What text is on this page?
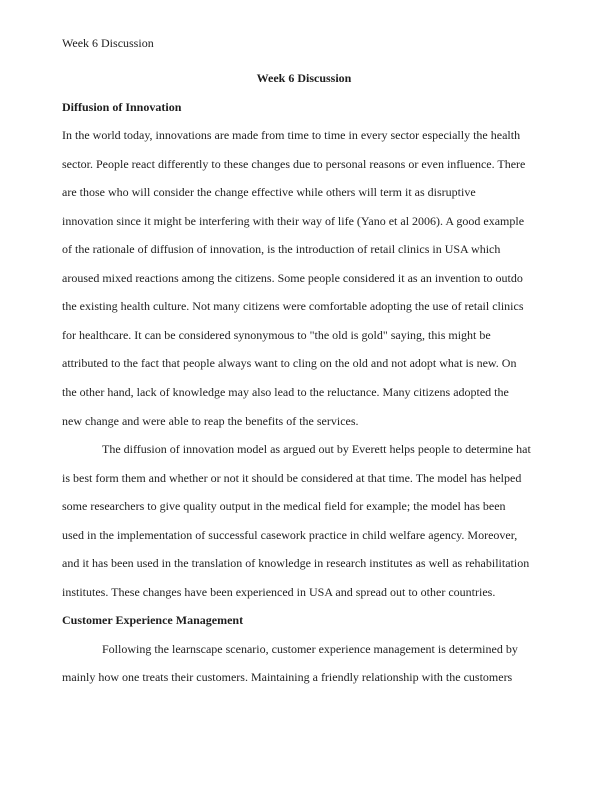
Week 6 Discussion
Week 6 Discussion
Diffusion of Innovation
In the world today, innovations are made from time to time in every sector especially the health
sector. People react differently to these changes due to personal reasons or even influence. There
are those who will consider the change effective while others will term it as disruptive
innovation since it might be interfering with their way of life (Yano et al 2006). A good example
of the rationale of diffusion of innovation, is the introduction of retail clinics in USA which
aroused mixed reactions among the citizens. Some people considered it as an invention to outdo
the existing health culture. Not many citizens were comfortable adopting the use of retail clinics
for healthcare. It can be considered synonymous to "the old is gold" saying, this might be
attributed to the fact that people always want to cling on the old and not adopt what is new. On
the other hand, lack of knowledge may also lead to the reluctance. Many citizens adopted the
new change and were able to reap the benefits of the services.
The diffusion of innovation model as argued out by Everett helps people to determine hat
is best form them and whether or not it should be considered at that time. The model has helped
some researchers to give quality output in the medical field for example; the model has been
used in the implementation of successful casework practice in child welfare agency. Moreover,
and it has been used in the translation of knowledge in research institutes as well as rehabilitation
institutes. These changes have been experienced in USA and spread out to other countries.
Customer Experience Management
Following the learnscape scenario, customer experience management is determined by
mainly how one treats their customers. Maintaining a friendly relationship with the customers
